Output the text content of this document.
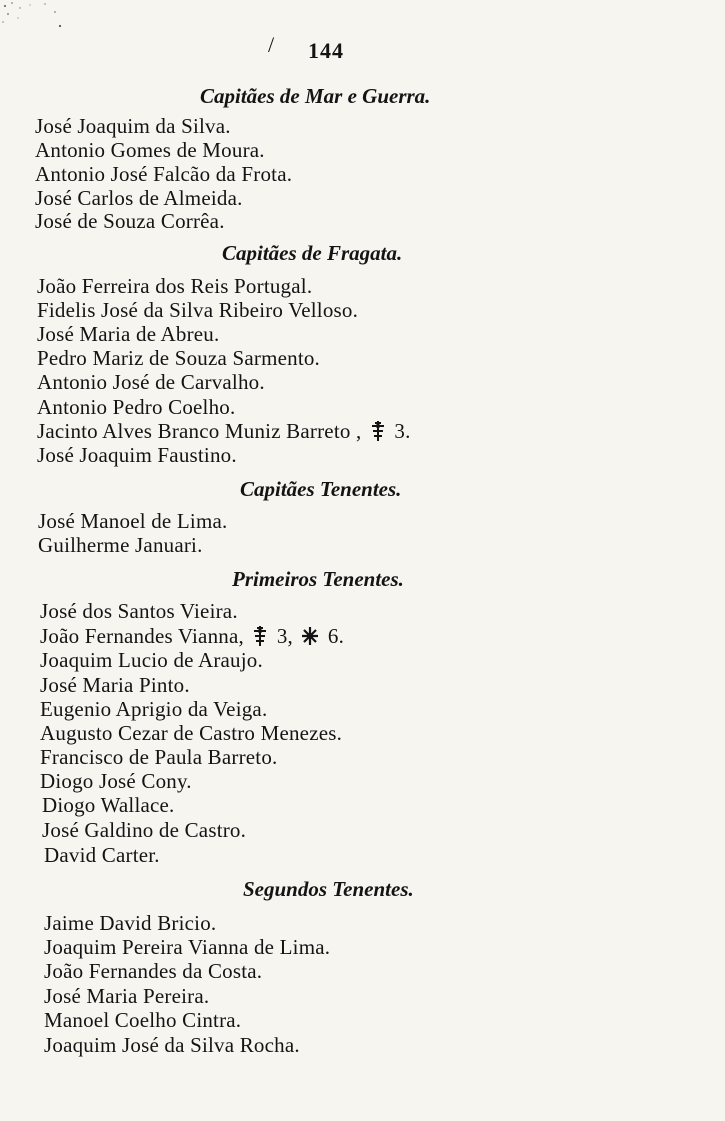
/ 144
Capitães de Mar e Guerra.
José Joaquim da Silva.
Antonio Gomes de Moura.
Antonio José Falcão da Frota.
José Carlos de Almeida.
José de Souza Corrêa.
Capitães de Fragata.
João Ferreira dos Reis Portugal.
Fidelis José da Silva Ribeiro Velloso.
José Maria de Abreu.
Pedro Mariz de Souza Sarmento.
Antonio José de Carvalho.
Antonio Pedro Coelho.
Jacinto Alves Branco Muniz Barreto , 3.
José Joaquim Faustino.
Capitães Tenentes.
José Manoel de Lima.
Guilherme Januari.
Primeiros Tenentes.
José dos Santos Vieira.
João Fernandes Vianna, 3, 6.
Joaquim Lucio de Araujo.
José Maria Pinto.
Eugenio Aprigio da Veiga.
Augusto Cezar de Castro Menezes.
Francisco de Paula Barreto.
Diogo José Cony.
Diogo Wallace.
José Galdino de Castro.
David Carter.
Segundos Tenentes.
Jaime David Bricio.
Joaquim Pereira Vianna de Lima.
João Fernandes da Costa.
José Maria Pereira.
Manoel Coelho Cintra.
Joaquim José da Silva Rocha.
